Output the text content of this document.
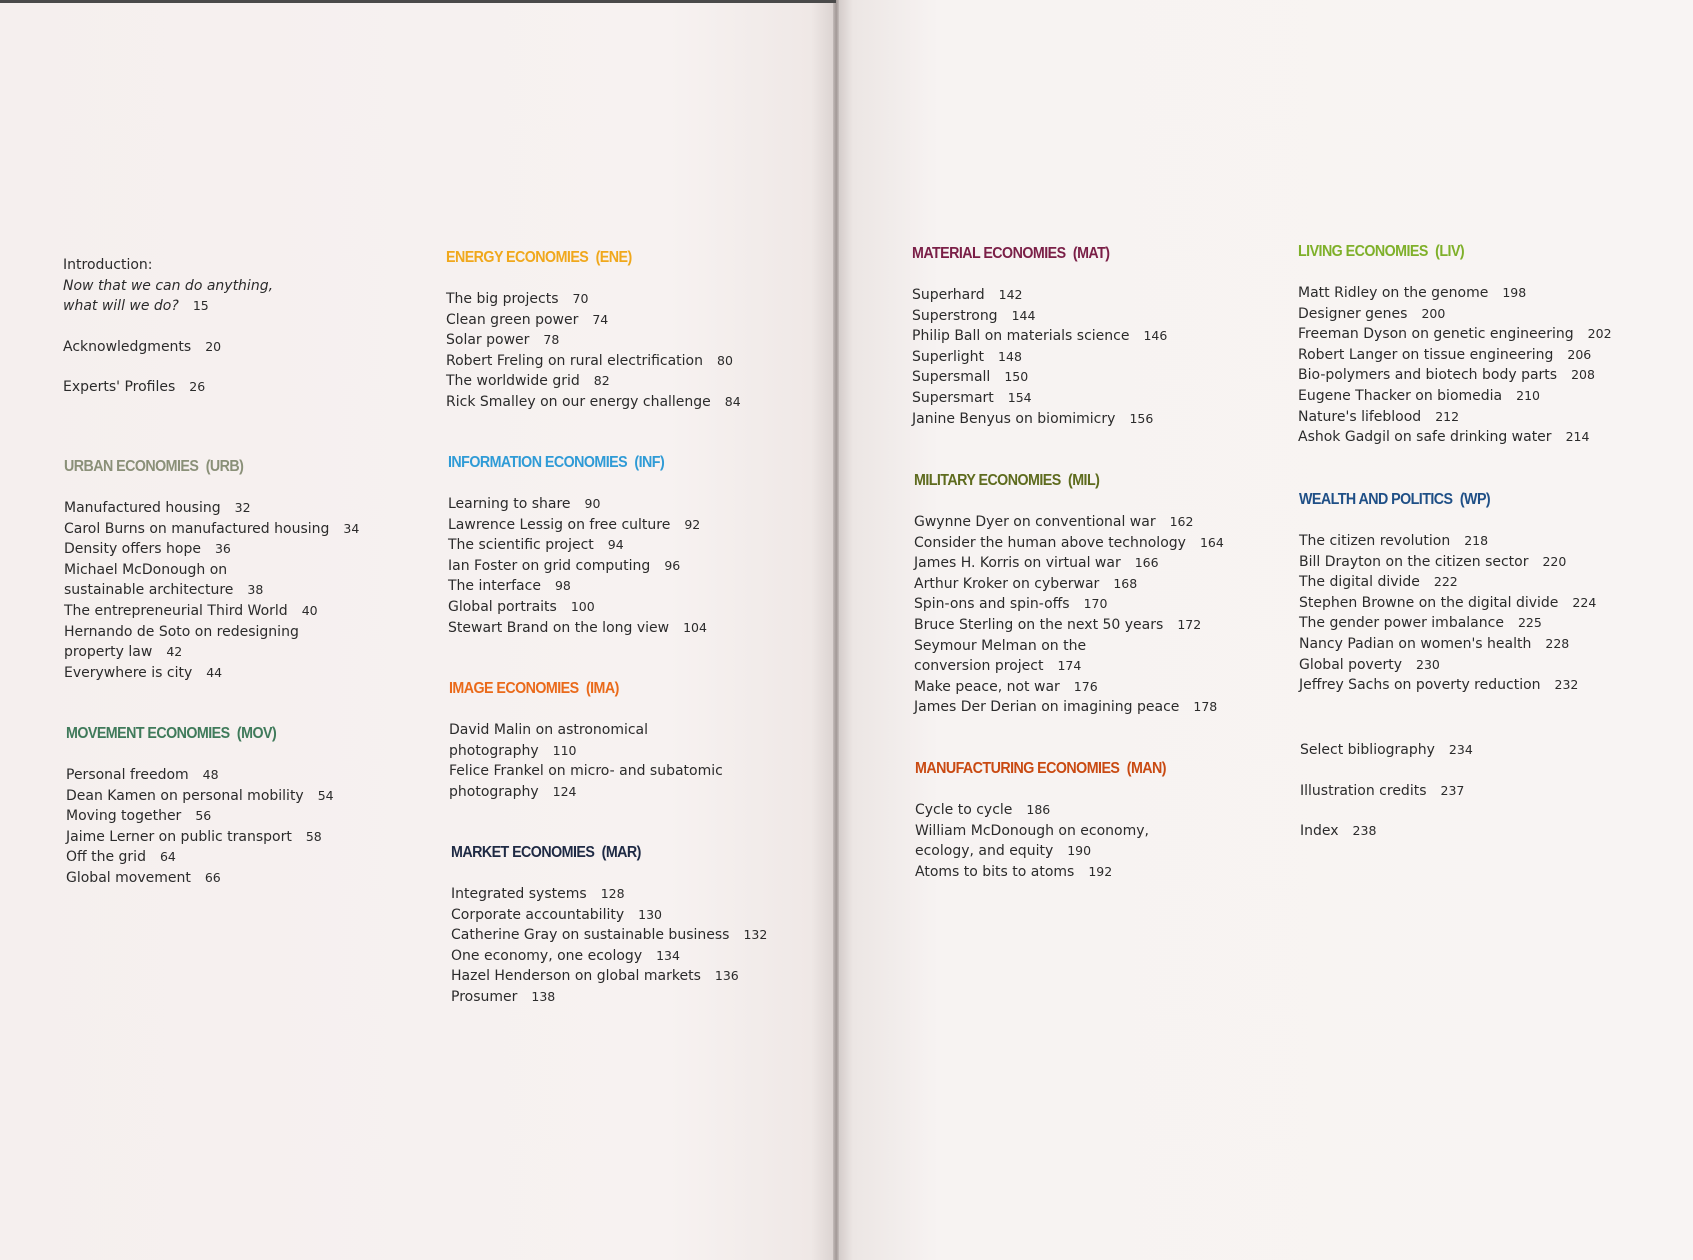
Introduction:
Now that we can do anything,
what will we do? 15
Acknowledgments 20
Experts' Profiles 26
URBAN ECONOMIES (URB)
Manufactured housing 32
Carol Burns on manufactured housing 34
Density offers hope 36
Michael McDonough on
sustainable architecture 38
The entrepreneurial Third World 40
Hernando de Soto on redesigning
property law 42
Everywhere is city 44
MOVEMENT ECONOMIES (MOV)
Personal freedom 48
Dean Kamen on personal mobility 54
Moving together 56
Jaime Lerner on public transport 58
Off the grid 64
Global movement 66
ENERGY ECONOMIES (ENE)
The big projects 70
Clean green power 74
Solar power 78
Robert Freling on rural electrification 80
The worldwide grid 82
Rick Smalley on our energy challenge 84
INFORMATION ECONOMIES (INF)
Learning to share 90
Lawrence Lessig on free culture 92
The scientific project 94
Ian Foster on grid computing 96
The interface 98
Global portraits 100
Stewart Brand on the long view 104
IMAGE ECONOMIES (IMA)
David Malin on astronomical
photography 110
Felice Frankel on micro- and subatomic
photography 124
MARKET ECONOMIES (MAR)
Integrated systems 128
Corporate accountability 130
Catherine Gray on sustainable business 132
One economy, one ecology 134
Hazel Henderson on global markets 136
Prosumer 138
MATERIAL ECONOMIES (MAT)
Superhard 142
Superstrong 144
Philip Ball on materials science 146
Superlight 148
Supersmall 150
Supersmart 154
Janine Benyus on biomimicry 156
MILITARY ECONOMIES (MIL)
Gwynne Dyer on conventional war 162
Consider the human above technology 164
James H. Korris on virtual war 166
Arthur Kroker on cyberwar 168
Spin-ons and spin-offs 170
Bruce Sterling on the next 50 years 172
Seymour Melman on the
conversion project 174
Make peace, not war 176
James Der Derian on imagining peace 178
MANUFACTURING ECONOMIES (MAN)
Cycle to cycle 186
William McDonough on economy,
ecology, and equity 190
Atoms to bits to atoms 192
LIVING ECONOMIES (LIV)
Matt Ridley on the genome 198
Designer genes 200
Freeman Dyson on genetic engineering 202
Robert Langer on tissue engineering 206
Bio-polymers and biotech body parts 208
Eugene Thacker on biomedia 210
Nature's lifeblood 212
Ashok Gadgil on safe drinking water 214
WEALTH AND POLITICS (WP)
The citizen revolution 218
Bill Drayton on the citizen sector 220
The digital divide 222
Stephen Browne on the digital divide 224
The gender power imbalance 225
Nancy Padian on women's health 228
Global poverty 230
Jeffrey Sachs on poverty reduction 232
Select bibliography 234
Illustration credits 237
Index 238
